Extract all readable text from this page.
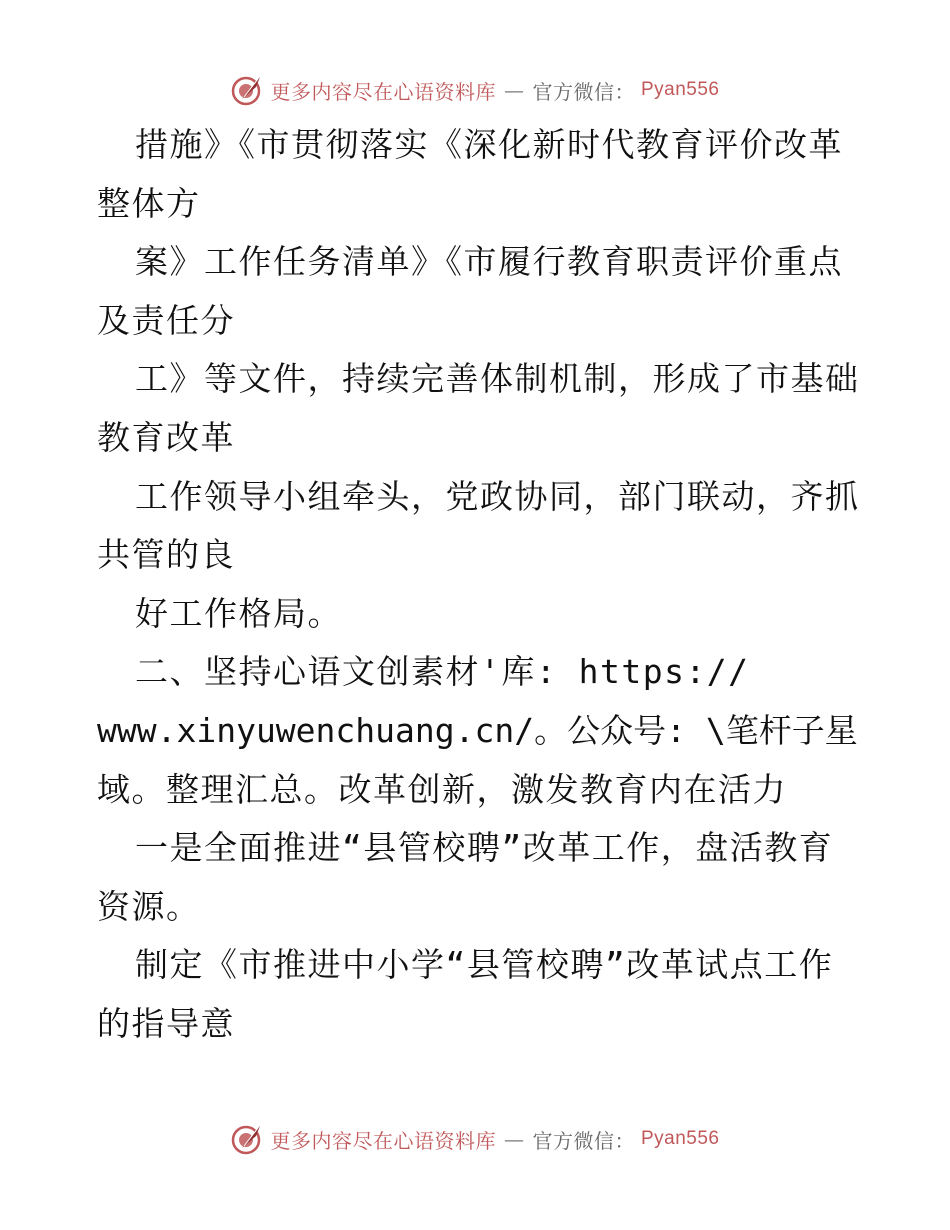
更多内容尽在心语资料库 — 官方微信： Pyan556
措施》《市贯彻落实《深化新时代教育评价改革
整体方
案》工作任务清单》《市履行教育职责评价重点
及责任分
工》等文件，持续完善体制机制，形成了市基础
教育改革
工作领导小组牵头，党政协同，部门联动，齐抓
共管的良
好工作格局。
二、坚持心语文创素材'库: https://
www.xinyuwenchuang.cn/。公众号: \笔杆子星
域。整理汇总。改革创新，激发教育内在活力
一是全面推进“县管校聘”改革工作，盘活教育
资源。
制定《市推进中小学“县管校聘”改革试点工作
的指导意
更多内容尽在心语资料库 — 官方微信： Pyan556
